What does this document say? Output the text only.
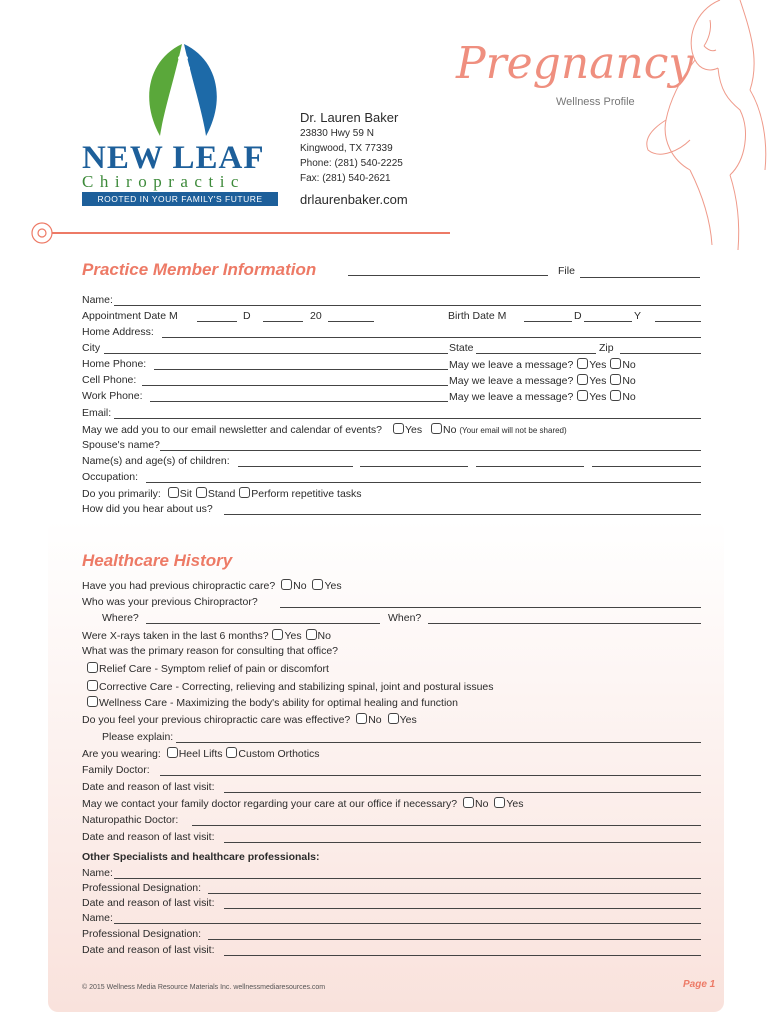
NEW LEAF
Chiropractic
ROOTED IN YOUR FAMILY'S FUTURE
Dr. Lauren Baker
23830 Hwy 59 N
Kingwood, TX 77339
Phone: (281) 540-2225
Fax: (281) 540-2621
drlaurenbaker.com
Pregnancy
Wellness Profile
Practice Member Information	File
Name:
Appointment Date M	D	20	Birth Date M	D	Y
Home Address:
City	State	Zip
Home Phone:	May we leave a message? Yes No
Cell Phone:	May we leave a message? Yes No
Work Phone:	May we leave a message? Yes No
Email:
May we add you to our email newsletter and calendar of events? Yes No (Your email will not be shared)
Spouse's name?
Name(s) and age(s) of children:
Occupation:
Do you primarily: Sit Stand Perform repetitive tasks
How did you hear about us?
Healthcare History
Have you had previous chiropractic care? No Yes
Who was your previous Chiropractor?
Where?	When?
Were X-rays taken in the last 6 months? Yes No
What was the primary reason for consulting that office?
Relief Care - Symptom relief of pain or discomfort
Corrective Care - Correcting, relieving and stabilizing spinal, joint and postural issues
Wellness Care - Maximizing the body's ability for optimal healing and function
Do you feel your previous chiropractic care was effective? No Yes
Please explain:
Are you wearing: Heel Lifts Custom Orthotics
Family Doctor:
Date and reason of last visit:
May we contact your family doctor regarding your care at our office if necessary? No Yes
Naturopathic Doctor:
Date and reason of last visit:
Other Specialists and healthcare professionals:
Name:
Professional Designation:
Date and reason of last visit:
Name:
Professional Designation:
Date and reason of last visit:
© 2015 Wellness Media Resource Materials Inc. wellnessmediaresources.com	Page 1
